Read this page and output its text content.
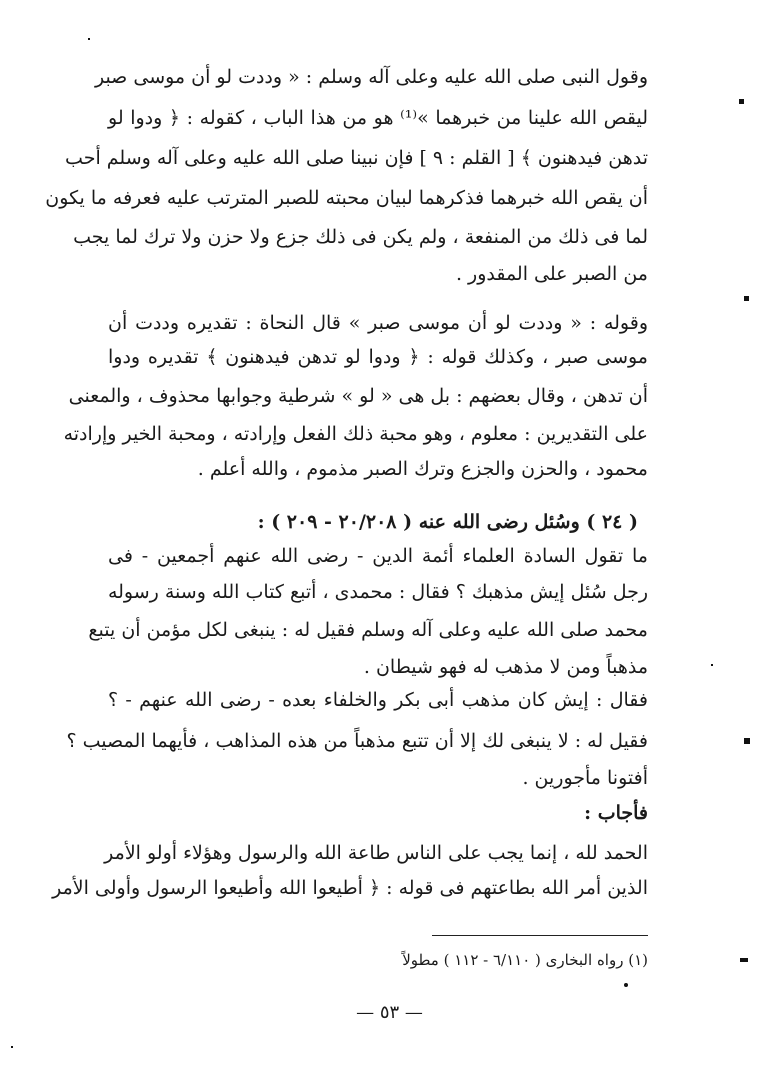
وقول النبى صلى الله عليه وعلى آله وسلم : « وددت لو أن موسى صبر
ليقص الله علينا من خبرهما »⁽¹⁾ هو من هذا الباب ، كقوله : ﴿ ودوا لو
تدهن فيدهنون ﴾ [ القلم : ٩ ] فإن نبينا صلى الله عليه وعلى آله وسلم أحب
أن يقص الله خبرهما فذكرهما لبيان محبته للصبر المترتب عليه فعرفه ما يكون
لما فى ذلك من المنفعة ، ولم يكن فى ذلك جزع ولا حزن ولا ترك لما يجب
من الصبر على المقدور .
وقوله : « وددت لو أن موسى صبر » قال النحاة : تقديره وددت أن
موسى صبر ، وكذلك قوله : ﴿ ودوا لو تدهن فيدهنون ﴾ تقديره ودوا
أن تدهن ، وقال بعضهم : بل هى « لو » شرطية وجوابها محذوف ، والمعنى
على التقديرين : معلوم ، وهو محبة ذلك الفعل وإرادته ، ومحبة الخير وإرادته
محمود ، والحزن والجزع وترك الصبر مذموم ، والله أعلم .
( ٢٤ ) وسُئل رضى الله عنه ( ٢٠/٢٠٨ - ٢٠٩ ) :
ما تقول السادة العلماء أئمة الدين - رضى الله عنهم أجمعين - فى
رجل سُئل إيش مذهبك ؟ فقال : محمدى ، أتبع كتاب الله وسنة رسوله
محمد صلى الله عليه وعلى آله وسلم فقيل له : ينبغى لكل مؤمن أن يتبع
مذهباً ومن لا مذهب له فهو شيطان .
فقال : إيش كان مذهب أبى بكر والخلفاء بعده - رضى الله عنهم - ؟
فقيل له : لا ينبغى لك إلا أن تتبع مذهباً من هذه المذاهب ، فأيهما المصيب ؟
أفتونا مأجورين .
فأجاب :
الحمد لله ، إنما يجب على الناس طاعة الله والرسول وهؤلاء أولو الأمر
الذين أمر الله بطاعتهم فى قوله : ﴿ أطيعوا الله وأطيعوا الرسول وأولى الأمر
(١) رواه البخارى ( ٦/١١٠ - ١١٢ ) مطولاً
— ٥٣ —
